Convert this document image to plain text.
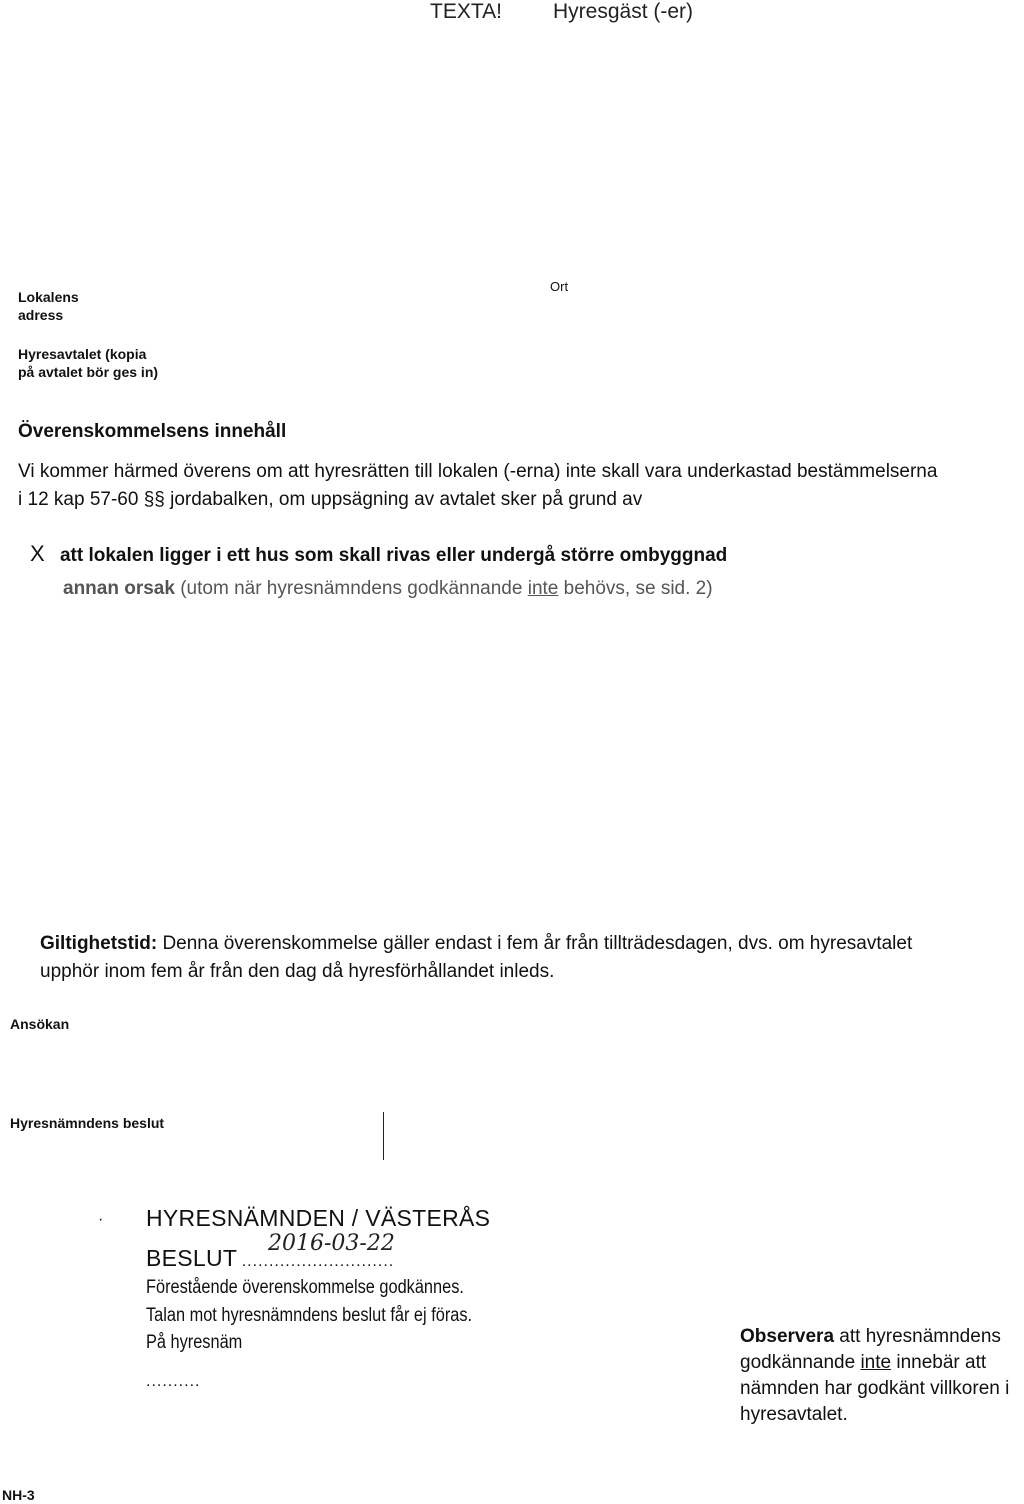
TEXTA! Hyresgäst (-er)
Lokalens
adress
Ort
Hyresavtalet (kopia
på avtalet bör ges in)
Överenskommelsens innehåll
Vi kommer härmed överens om att hyresrätten till lokalen (-erna) inte skall vara underkastad bestämmelserna
i 12 kap 57-60 §§ jordabalken, om uppsägning av avtalet sker på grund av
X att lokalen ligger i ett hus som skall rivas eller undergå större ombyggnad
annan orsak (utom när hyresnämndens godkännande inte behövs, se sid. 2)
Giltighetstid: Denna överenskommelse gäller endast i fem år från tillträdesdagen, dvs. om hyresavtalet
upphör inom fem år från den dag då hyresförhållandet inleds.
Ansökan
Hyresnämndens beslut
· HYRESNÄMNDEN / VÄSTERÅS
BESLUT ............................
2016-03-22
Förestående överenskommelse godkännes.
Talan mot hyresnämndens beslut får ej föras.
På hyresnäm
..........
Observera att hyresnämndens godkännande inte innebär att nämnden har godkänt villkoren i hyresavtalet.
NH-3
